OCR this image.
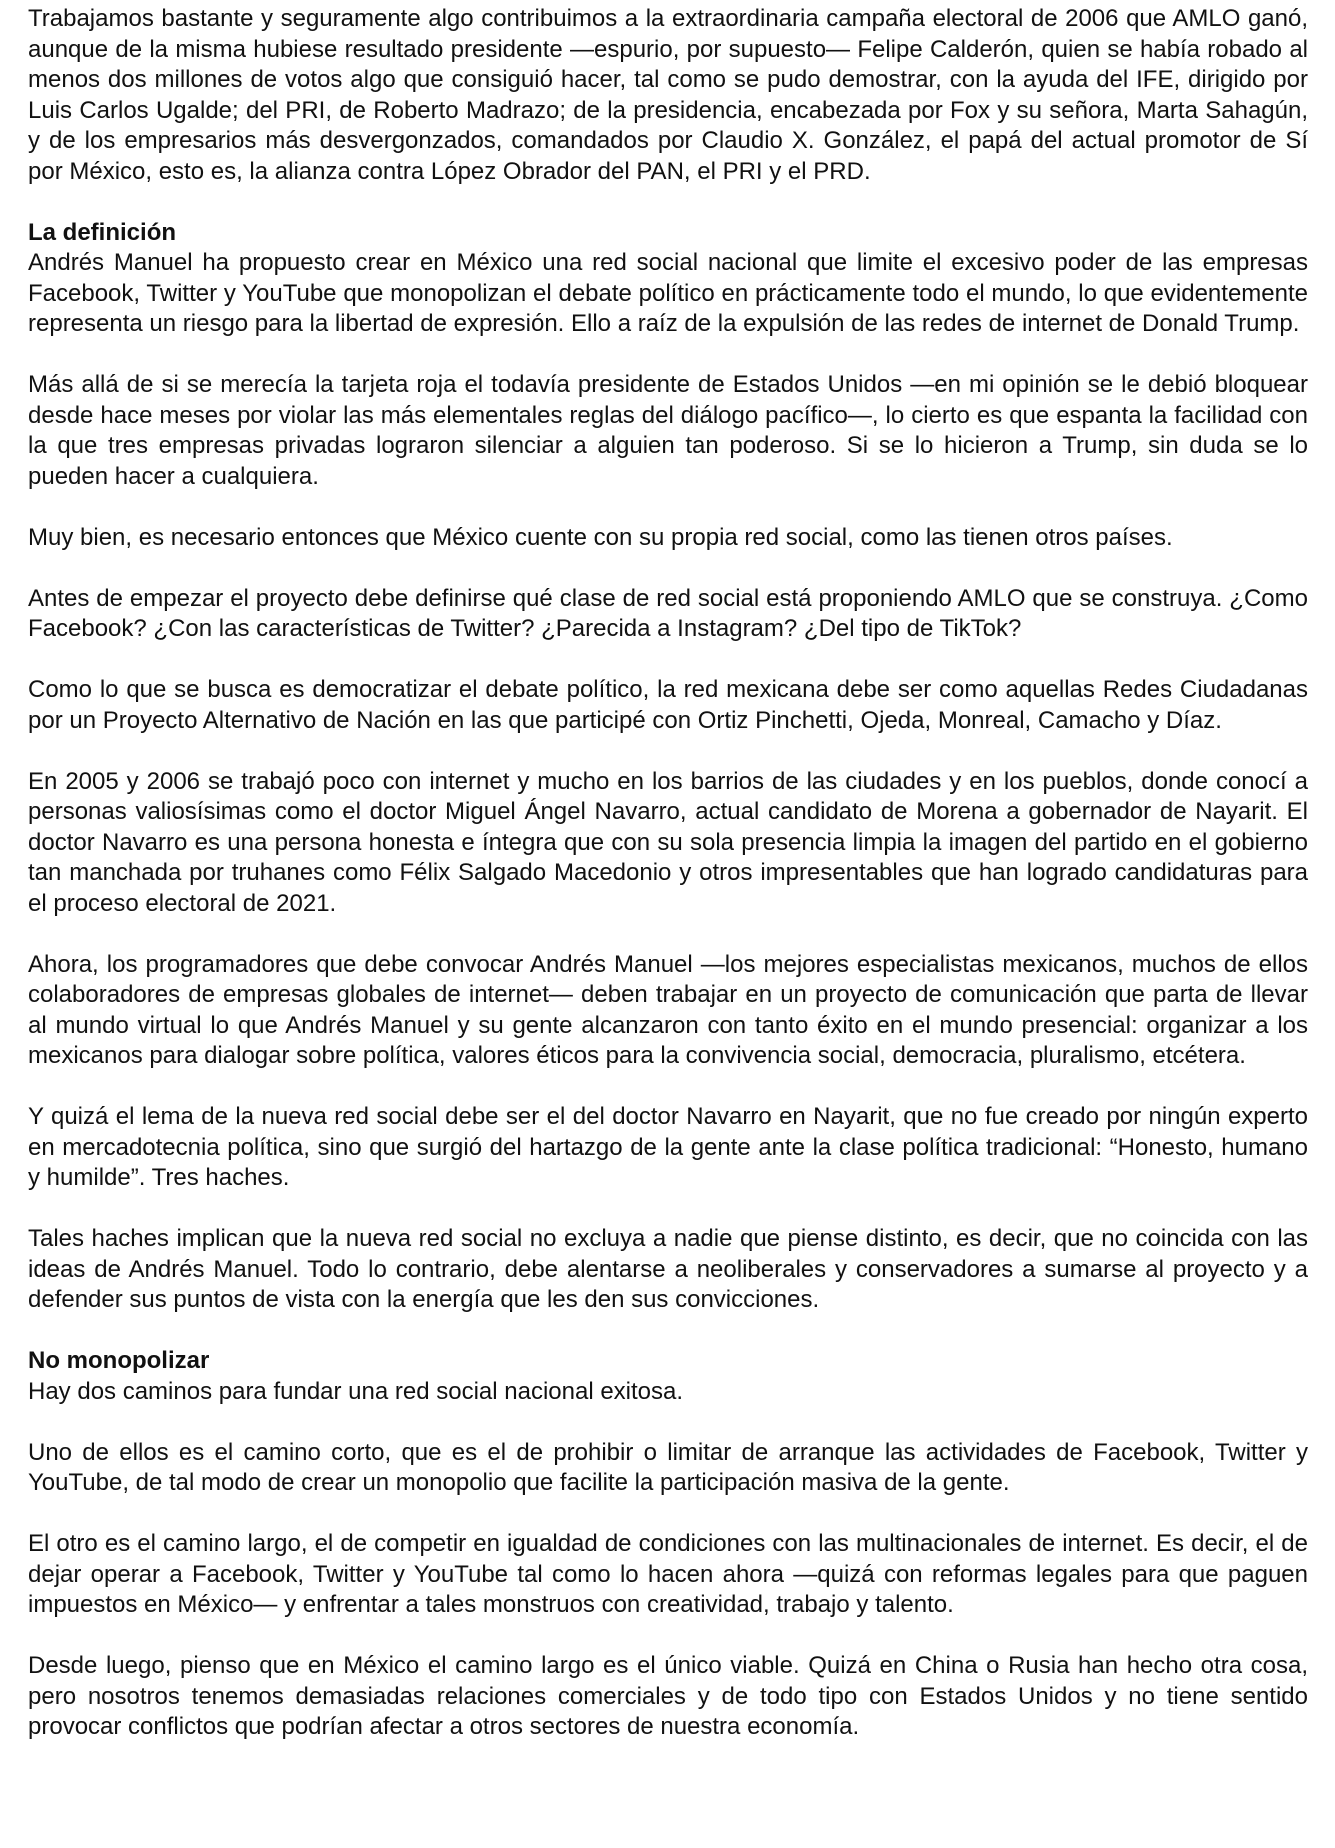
Trabajamos bastante y seguramente algo contribuimos a la extraordinaria campaña electoral de 2006 que AMLO ganó, aunque de la misma hubiese resultado presidente —espurio, por supuesto— Felipe Calderón, quien se había robado al menos dos millones de votos algo que consiguió hacer, tal como se pudo demostrar, con la ayuda del IFE, dirigido por Luis Carlos Ugalde; del PRI, de Roberto Madrazo; de la presidencia, encabezada por Fox y su señora, Marta Sahagún, y de los empresarios más desvergonzados, comandados por Claudio X. González, el papá del actual promotor de Sí por México, esto es, la alianza contra López Obrador del PAN, el PRI y el PRD.

La definición

Andrés Manuel ha propuesto crear en México una red social nacional que limite el excesivo poder de las empresas Facebook, Twitter y YouTube que monopolizan el debate político en prácticamente todo el mundo, lo que evidentemente representa un riesgo para la libertad de expresión. Ello a raíz de la expulsión de las redes de internet de Donald Trump.

Más allá de si se merecía la tarjeta roja el todavía presidente de Estados Unidos —en mi opinión se le debió bloquear desde hace meses por violar las más elementales reglas del diálogo pacífico—, lo cierto es que espanta la facilidad con la que tres empresas privadas lograron silenciar a alguien tan poderoso. Si se lo hicieron a Trump, sin duda se lo pueden hacer a cualquiera.

Muy bien, es necesario entonces que México cuente con su propia red social, como las tienen otros países.

Antes de empezar el proyecto debe definirse qué clase de red social está proponiendo AMLO que se construya. ¿Como Facebook? ¿Con las características de Twitter? ¿Parecida a Instagram? ¿Del tipo de TikTok?

Como lo que se busca es democratizar el debate político, la red mexicana debe ser como aquellas Redes Ciudadanas por un Proyecto Alternativo de Nación en las que participé con Ortiz Pinchetti, Ojeda, Monreal, Camacho y Díaz.

En 2005 y 2006 se trabajó poco con internet y mucho en los barrios de las ciudades y en los pueblos, donde conocí a personas valiosísimas como el doctor Miguel Ángel Navarro, actual candidato de Morena a gobernador de Nayarit. El doctor Navarro es una persona honesta e íntegra que con su sola presencia limpia la imagen del partido en el gobierno tan manchada por truhanes como Félix Salgado Macedonio y otros impresentables que han logrado candidaturas para el proceso electoral de 2021.

Ahora, los programadores que debe convocar Andrés Manuel —los mejores especialistas mexicanos, muchos de ellos colaboradores de empresas globales de internet— deben trabajar en un proyecto de comunicación que parta de llevar al mundo virtual lo que Andrés Manuel y su gente alcanzaron con tanto éxito en el mundo presencial: organizar a los mexicanos para dialogar sobre política, valores éticos para la convivencia social, democracia, pluralismo, etcétera.

Y quizá el lema de la nueva red social debe ser el del doctor Navarro en Nayarit, que no fue creado por ningún experto en mercadotecnia política, sino que surgió del hartazgo de la gente ante la clase política tradicional: “Honesto, humano y humilde”. Tres haches.

Tales haches implican que la nueva red social no excluya a nadie que piense distinto, es decir, que no coincida con las ideas de Andrés Manuel. Todo lo contrario, debe alentarse a neoliberales y conservadores a sumarse al proyecto y a defender sus puntos de vista con la energía que les den sus convicciones.

No monopolizar

Hay dos caminos para fundar una red social nacional exitosa.

Uno de ellos es el camino corto, que es el de prohibir o limitar de arranque las actividades de Facebook, Twitter y YouTube, de tal modo de crear un monopolio que facilite la participación masiva de la gente.

El otro es el camino largo, el de competir en igualdad de condiciones con las multinacionales de internet. Es decir, el de dejar operar a Facebook, Twitter y YouTube tal como lo hacen ahora —quizá con reformas legales para que paguen impuestos en México— y enfrentar a tales monstruos con creatividad, trabajo y talento.

Desde luego, pienso que en México el camino largo es el único viable. Quizá en China o Rusia han hecho otra cosa, pero nosotros tenemos demasiadas relaciones comerciales y de todo tipo con Estados Unidos y no tiene sentido provocar conflictos que podrían afectar a otros sectores de nuestra economía.
